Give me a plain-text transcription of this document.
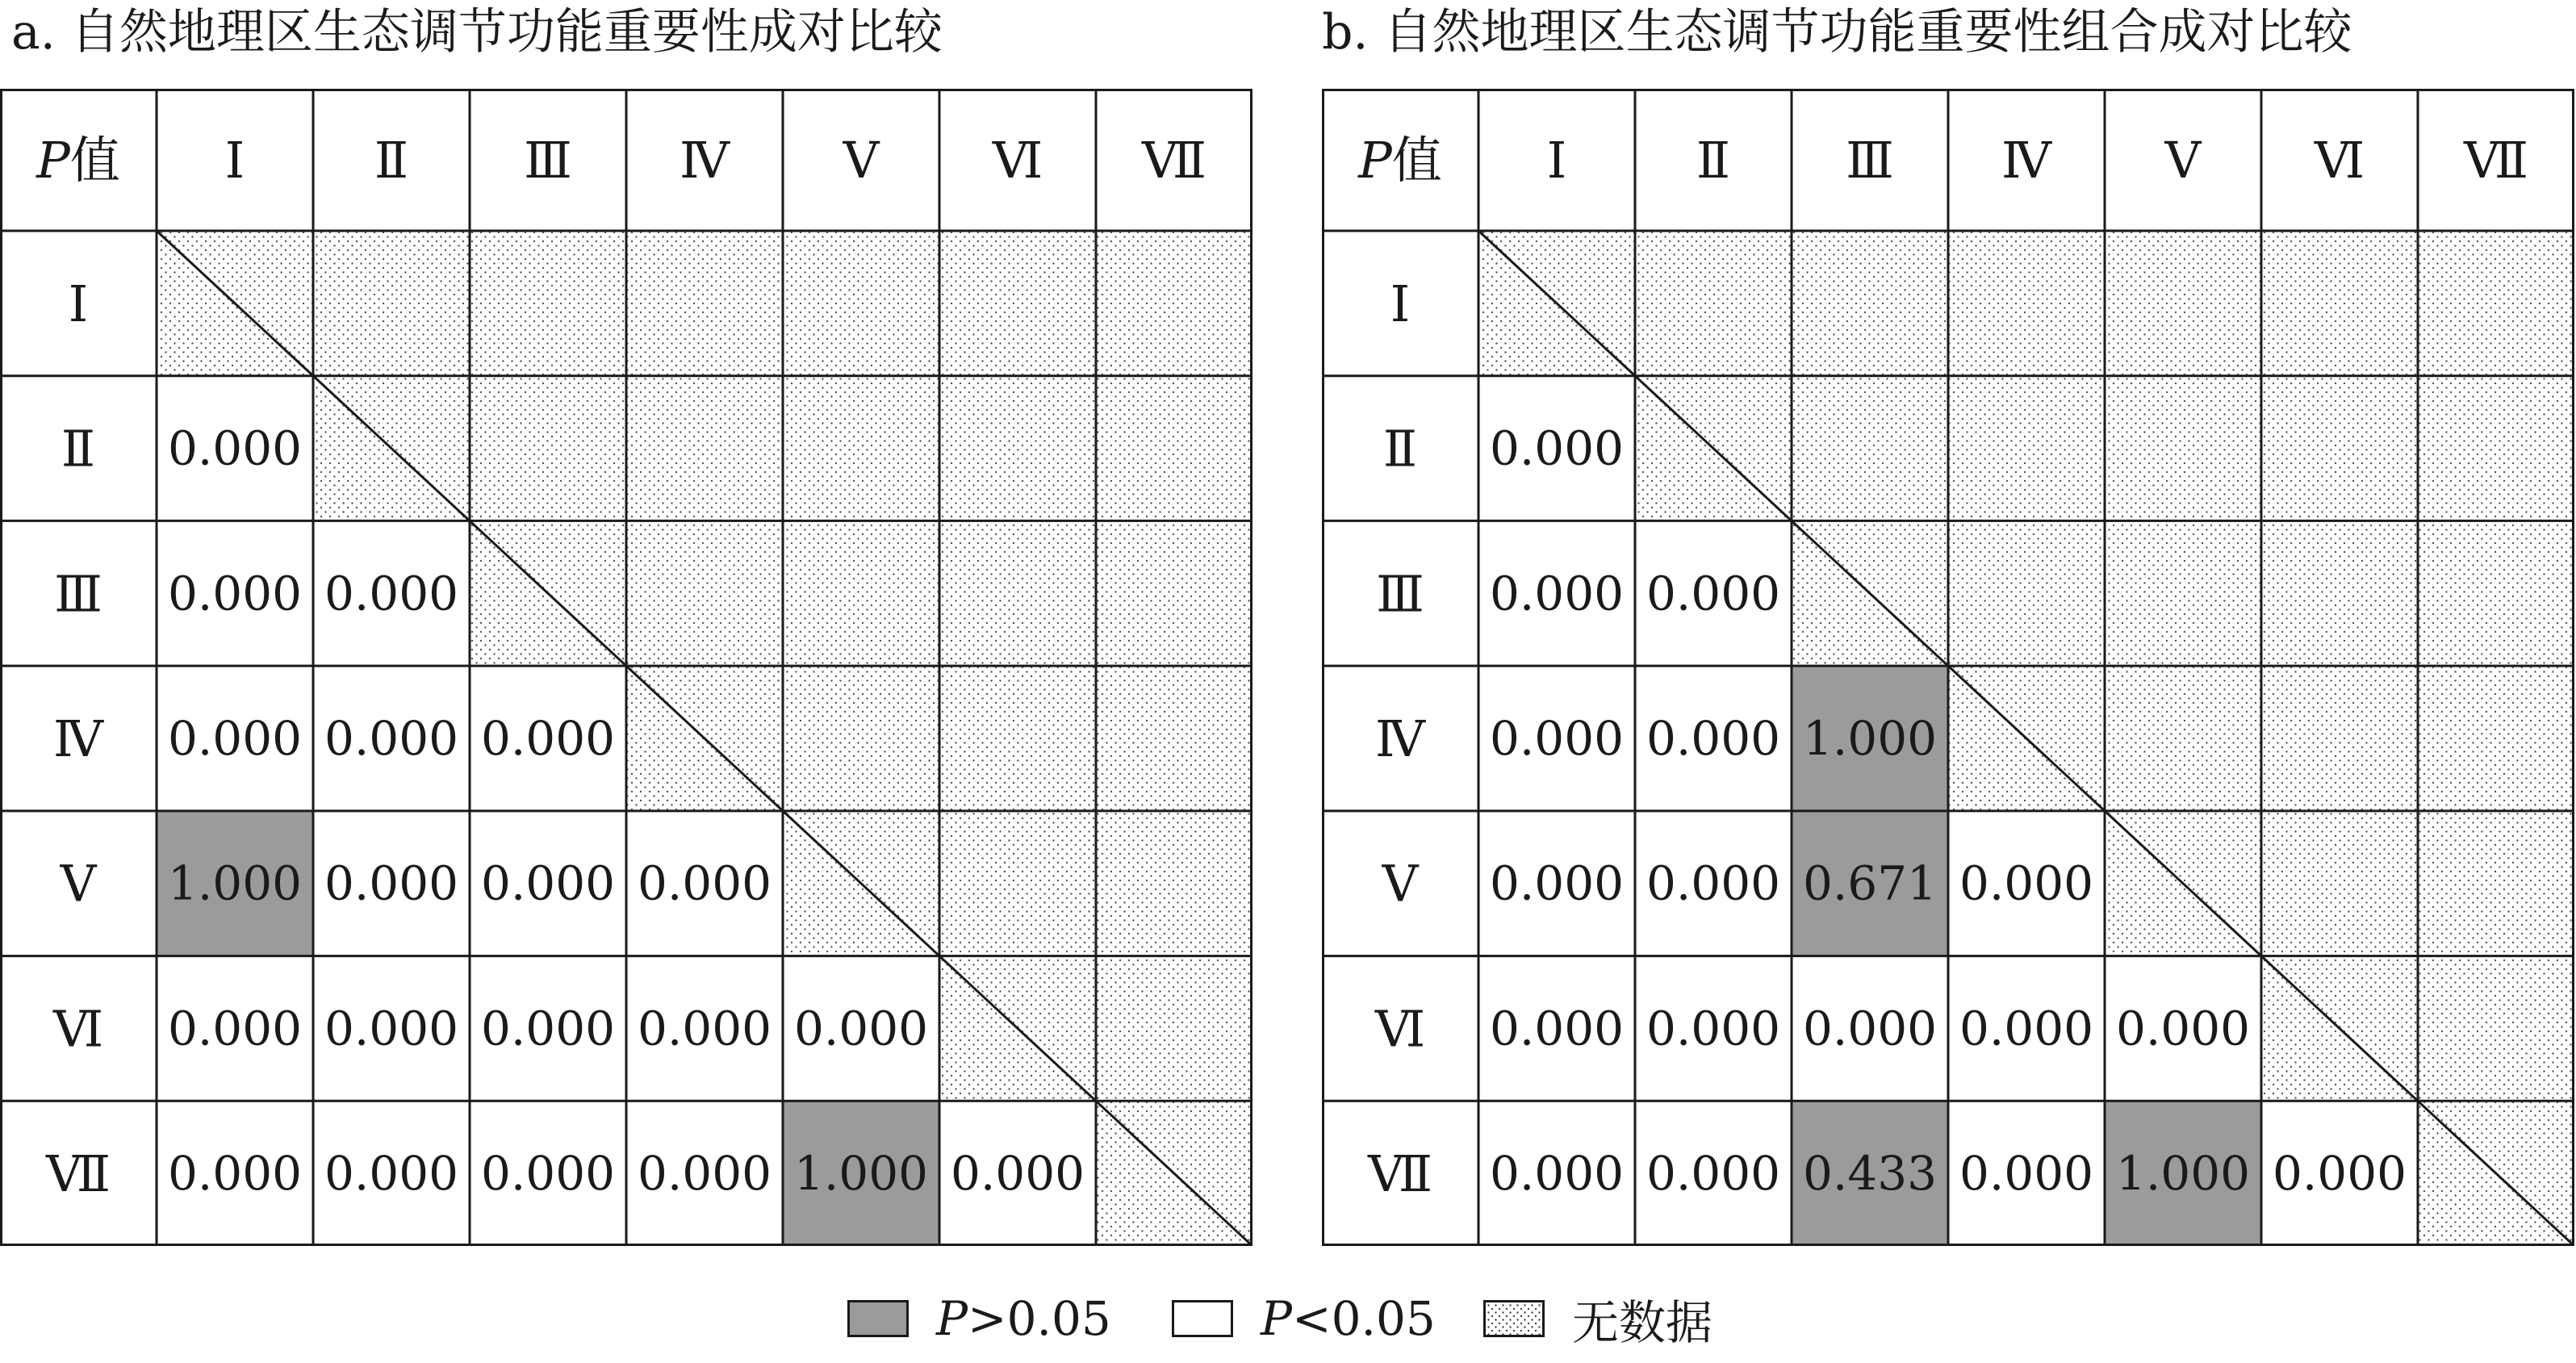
a. 自然地理区生态调节功能重要性成对比较	b. 自然地理区生态调节功能重要性组合成对比较
P值 Ⅰ	Ⅱ Ⅲ Ⅳ Ⅴ Ⅵ Ⅶ
Ⅰ
Ⅱ 0.000
Ⅲ 0.000 0.000
Ⅳ 0.000 0.000 0.000
Ⅴ 1.000 0.000 0.000 0.000
Ⅵ 0.000 0.000 0.000 0.000 0.000
Ⅶ 0.000 0.000 0.000 0.000 1.000 0.000
P值 Ⅰ	Ⅱ Ⅲ Ⅳ Ⅴ Ⅵ Ⅶ
Ⅰ
Ⅱ 0.000
Ⅲ 0.000 0.000
Ⅳ 0.000 0.000 1.000
Ⅴ 0.000 0.000 0.671 0.000
Ⅵ 0.000 0.000 0.000 0.000 0.000
Ⅶ 0.000 0.000 0.433 0.000 1.000 0.000
P>0.05	P<0.05	无数据
